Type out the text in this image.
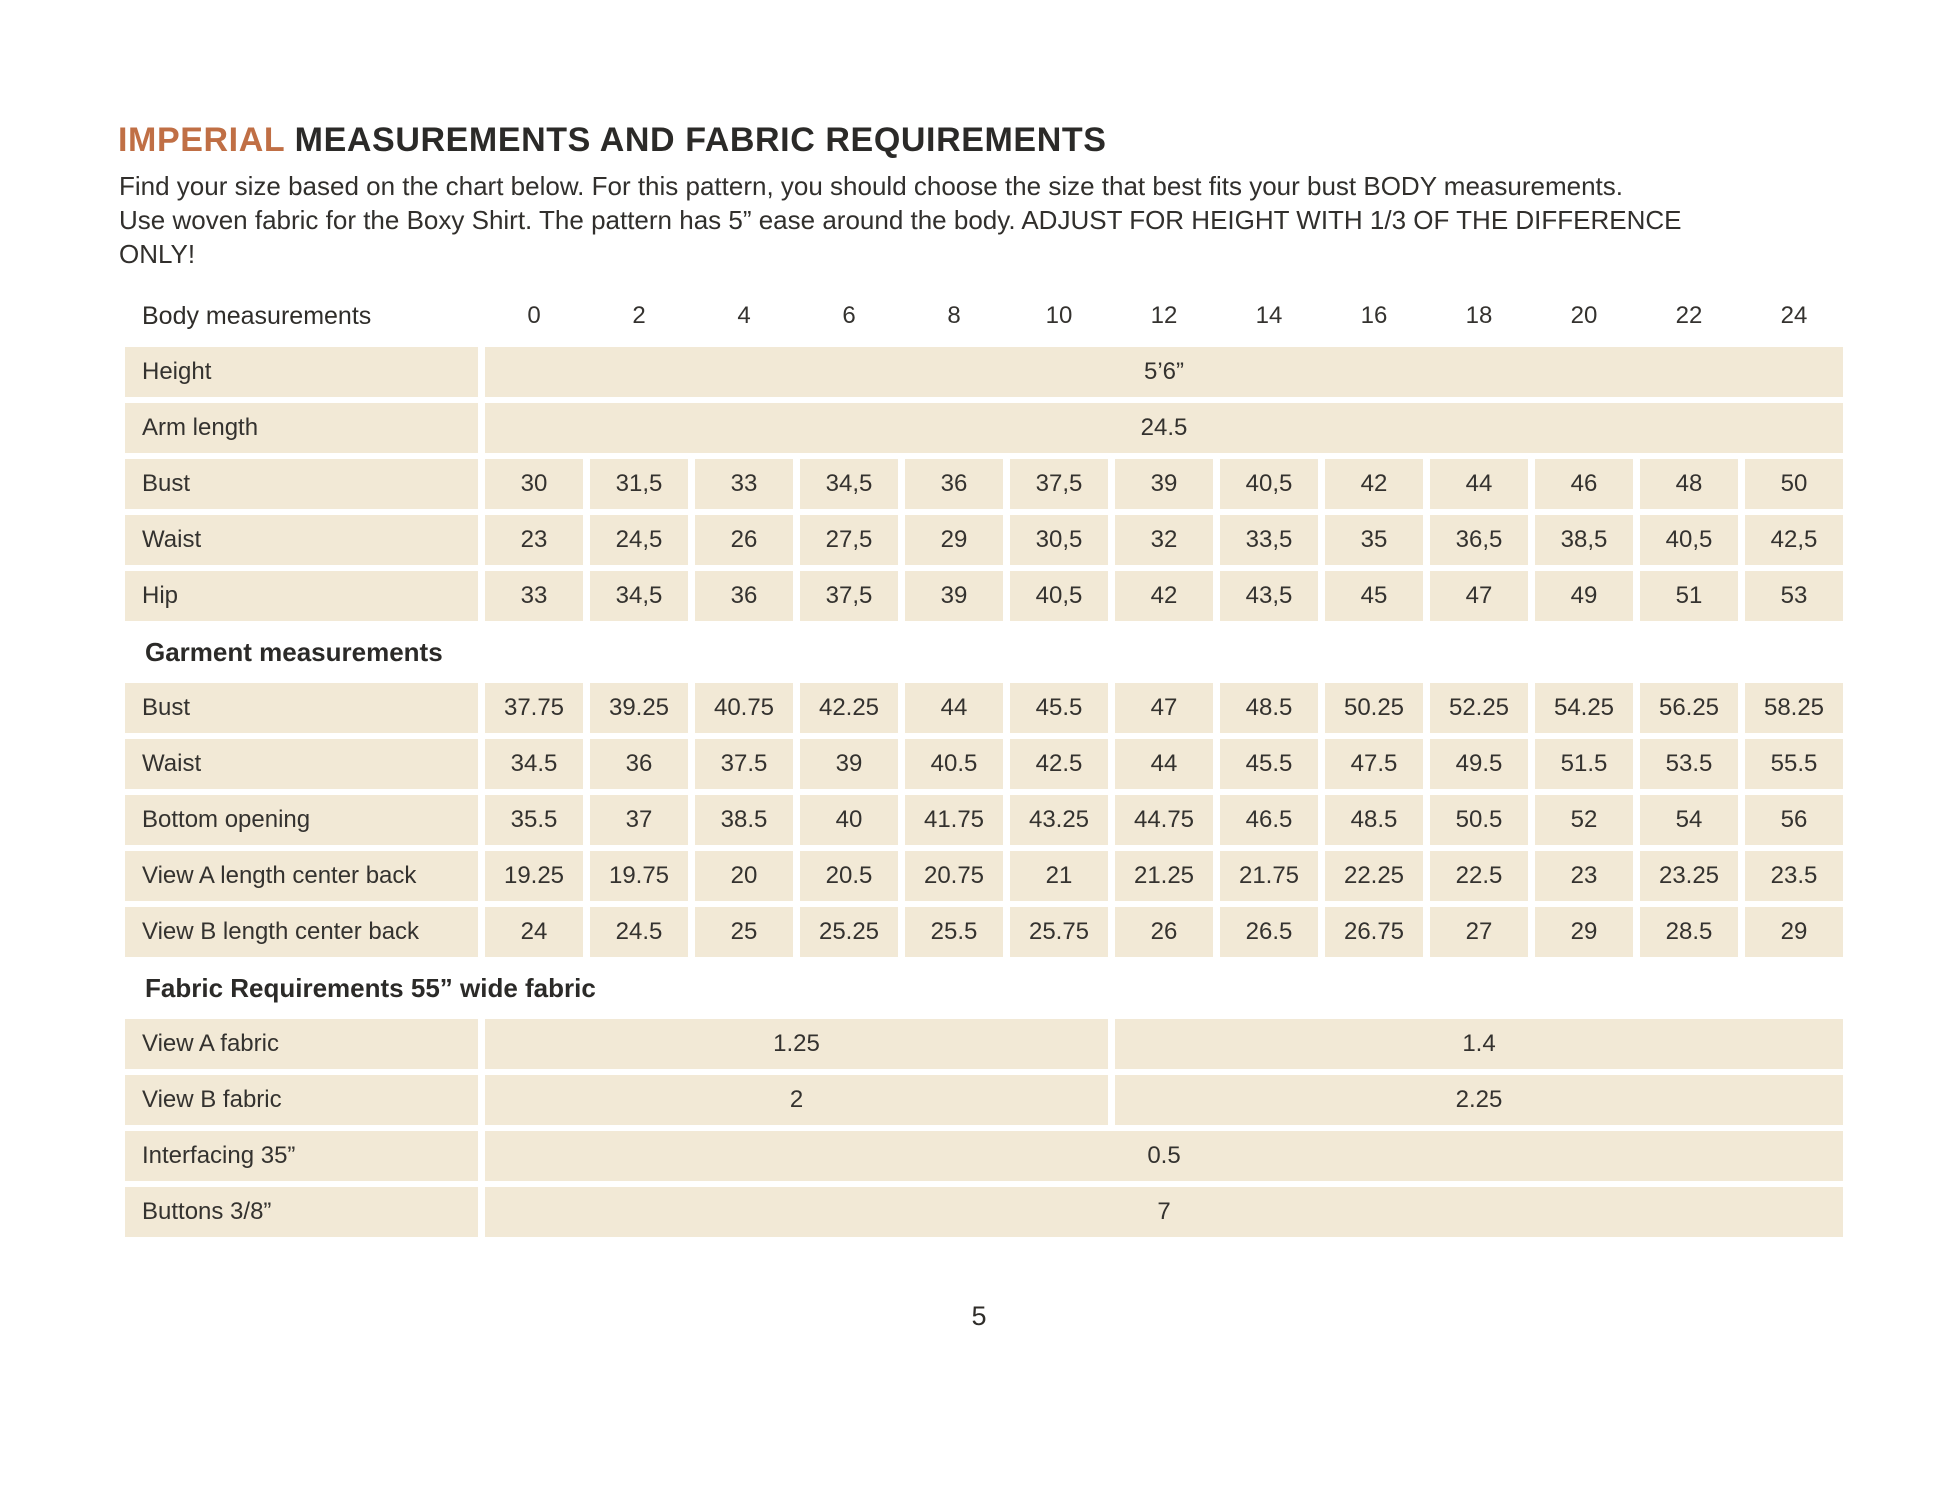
IMPERIAL MEASUREMENTS AND FABRIC REQUIREMENTS

Find your size based on the chart below. For this pattern, you should choose the size that best fits your bust BODY measurements.
Use woven fabric for the Boxy Shirt. The pattern has 5” ease around the body. ADJUST FOR HEIGHT WITH 1/3 OF THE DIFFERENCE
ONLY!

Body measurements	0	2	4	6	8	10	12	14	16	18	20	22	24
Height	5’6”
Arm length	24.5
Bust	30	31,5	33	34,5	36	37,5	39	40,5	42	44	46	48	50
Waist	23	24,5	26	27,5	29	30,5	32	33,5	35	36,5	38,5	40,5	42,5
Hip	33	34,5	36	37,5	39	40,5	42	43,5	45	47	49	51	53
Garment measurements
Bust	37.75	39.25	40.75	42.25	44	45.5	47	48.5	50.25	52.25	54.25	56.25	58.25
Waist	34.5	36	37.5	39	40.5	42.5	44	45.5	47.5	49.5	51.5	53.5	55.5
Bottom opening	35.5	37	38.5	40	41.75	43.25	44.75	46.5	48.5	50.5	52	54	56
View A length center back	19.25	19.75	20	20.5	20.75	21	21.25	21.75	22.25	22.5	23	23.25	23.5
View B length center back	24	24.5	25	25.25	25.5	25.75	26	26.5	26.75	27	29	28.5	29
Fabric Requirements 55” wide fabric
View A fabric	1.25	1.4
View B fabric	2	2.25
Interfacing 35”	0.5
Buttons 3/8”	7
5
